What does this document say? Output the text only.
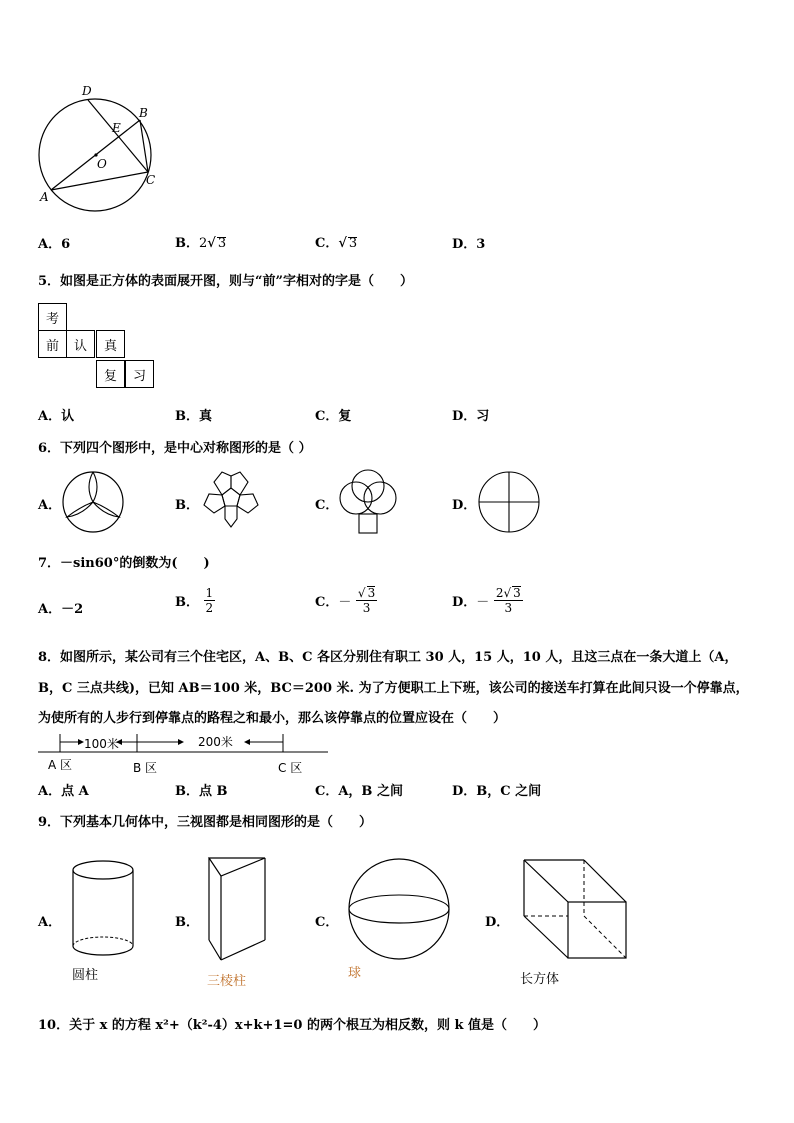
D
B
E
O
C
A
A．6	B．2√ 3	C．√ 3	D．3
5．如图是正方体的表面展开图，则与“前”字相对的字是（　　）
考
前	认	真
复	习
A．认	B．真	C．复	D．习
6．下列四个图形中，是中心对称图形的是（ ）
A．	B．	C．	D．
7．－sin60°的倒数为(　　)
A．－2	B． $\frac{1}{2}$	C．－ $\frac{√ 3}{3}$	D．－ $\frac{2√ 3}{3}$
8．如图所示，某公司有三个住宅区，A、B、C 各区分别住有职工 30 人，15 人，10 人，且这三点在一条大道上（A，
B，C 三点共线)，已知 AB＝100 米，BC＝200 米. 为了方便职工上下班，该公司的接送车打算在此间只设一个停靠点，
为使所有的人步行到停靠点的路程之和最小，那么该停靠点的位置应设在（　　）
100米	200米
A 区	B 区	C 区
A．点 A	B．点 B	C．A，B 之间	D．B，C 之间
9．下列基本几何体中，三视图都是相同图形的是（　　）
A．
圆柱
B．
三棱柱
C．
球
D．
长方体
10．关于 x 的方程 x²+（k²-4）x+k+1=0 的两个根互为相反数，则 k 值是（　　）
